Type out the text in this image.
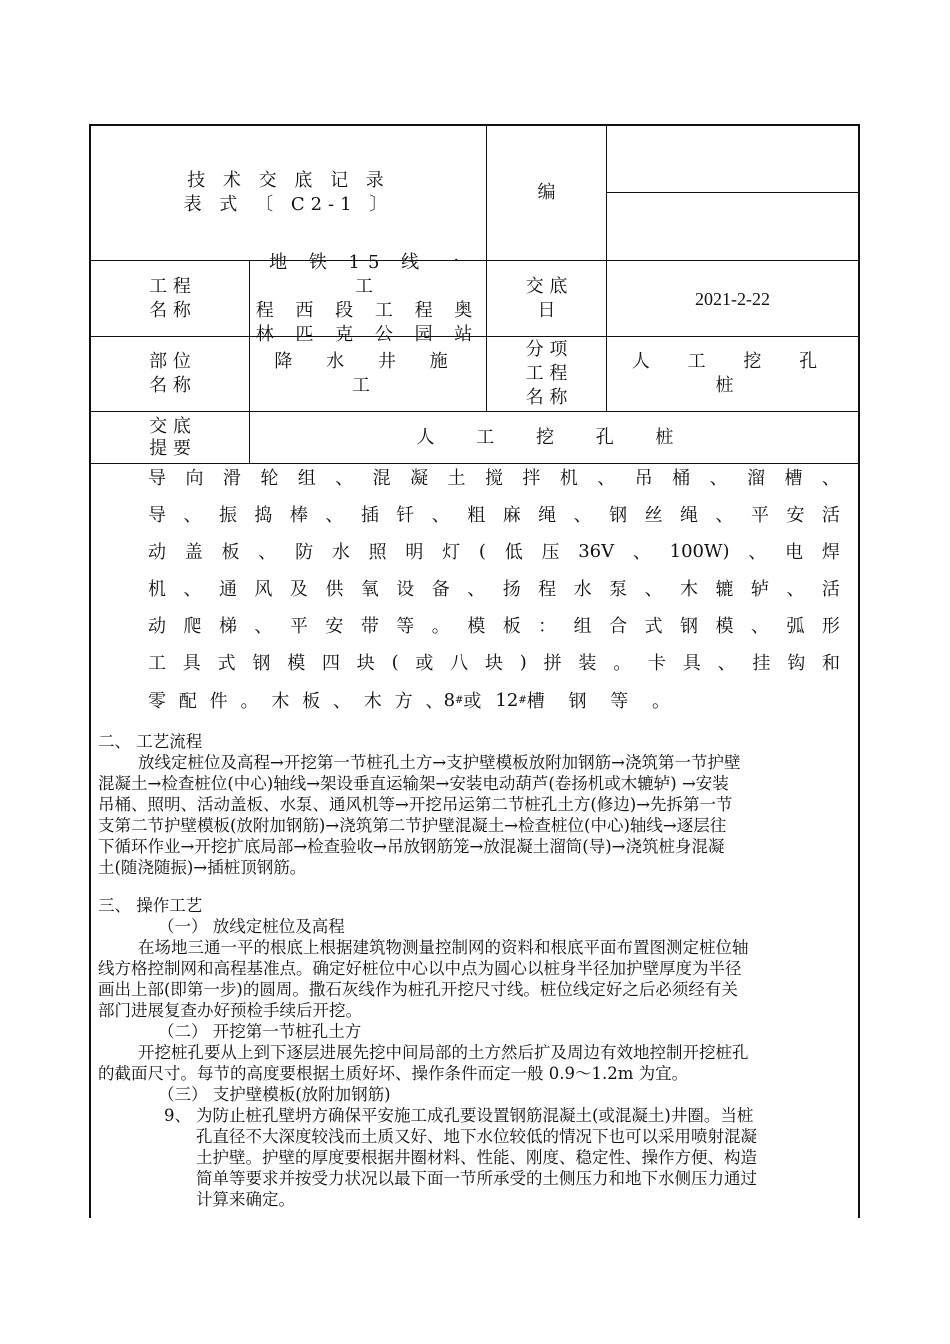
技 术 交 底 记 录
表 式 〔 C2-1 〕
编
工 程
名 称
地 铁 15 线 一 工
程 西 段 工 程 奥
林 匹 克 公 园 站
交 底
日
2021-2-22
部 位
名 称
降 水 井 施 工
分 项
工 程
名 称
人 工 挖 孔 桩
交 底
提 要
人 工 挖 孔 桩
导 向 滑 轮 组 、 混 凝 土 搅 拌 机 、 吊 桶 、 溜 槽 、
导 、 振 捣 棒 、 插 钎 、 粗 麻 绳 、 钢 丝 绳 、 平 安 活
动 盖 板 、 防 水 照 明 灯 ( 低 压 36V 、 100W) 、 电 焊
机 、 通 风 及 供 氧 设 备 、 扬 程 水 泵 、 木 辘 轳 、 活
动 爬 梯 、 平 安 带 等 。 模 板 ： 组 合 式 钢 模 、 弧 形
工 具 式 钢 模 四 块 ( 或 八 块 ) 拼 装 。 卡 具 、 挂 钩 和
零 配 件 。 木 板 、 木 方 、 8 # 或 12 # 槽 钢 等 。
二、 工艺流程
放线定桩位及高程→开挖第一节桩孔土方→支护壁模板放附加钢筋→浇筑第一节护壁
混凝土→检查桩位(中心)轴线→架设垂直运输架→安装电动葫芦(卷扬机或木辘轳) →安装
吊桶、照明、活动盖板、水泵、通风机等→开挖吊运第二节桩孔土方(修边)→先拆第一节
支第二节护壁模板(放附加钢筋)→浇筑第二节护壁混凝土→检查桩位(中心)轴线→逐层往
下循环作业→开挖扩底局部→检查验收→吊放钢筋笼→放混凝土溜筒(导)→浇筑桩身混凝
土(随浇随振)→插桩顶钢筋。
三、 操作工艺
（一） 放线定桩位及高程
在场地三通一平的根底上根据建筑物测量控制网的资料和根底平面布置图测定桩位轴
线方格控制网和高程基准点。确定好桩位中心以中点为圆心以桩身半径加护壁厚度为半径
画出上部(即第一步)的圆周。撒石灰线作为桩孔开挖尺寸线。桩位线定好之后必须经有关
部门进展复查办好预检手续后开挖。
（二） 开挖第一节桩孔土方
开挖桩孔要从上到下逐层进展先挖中间局部的土方然后扩及周边有效地控制开挖桩孔
的截面尺寸。每节的高度要根据土质好坏、操作条件而定一般 0.9～1.2m 为宜。
（三） 支护壁模板(放附加钢筋)
9、 为防止桩孔壁坍方确保平安施工成孔要设置钢筋混凝土(或混凝土)井圈。当桩
孔直径不大深度较浅而土质又好、地下水位较低的情况下也可以采用喷射混凝
土护壁。护壁的厚度要根据井圈材料、性能、刚度、稳定性、操作方便、构造
简单等要求并按受力状况以最下面一节所承受的土侧压力和地下水侧压力通过
计算来确定。
